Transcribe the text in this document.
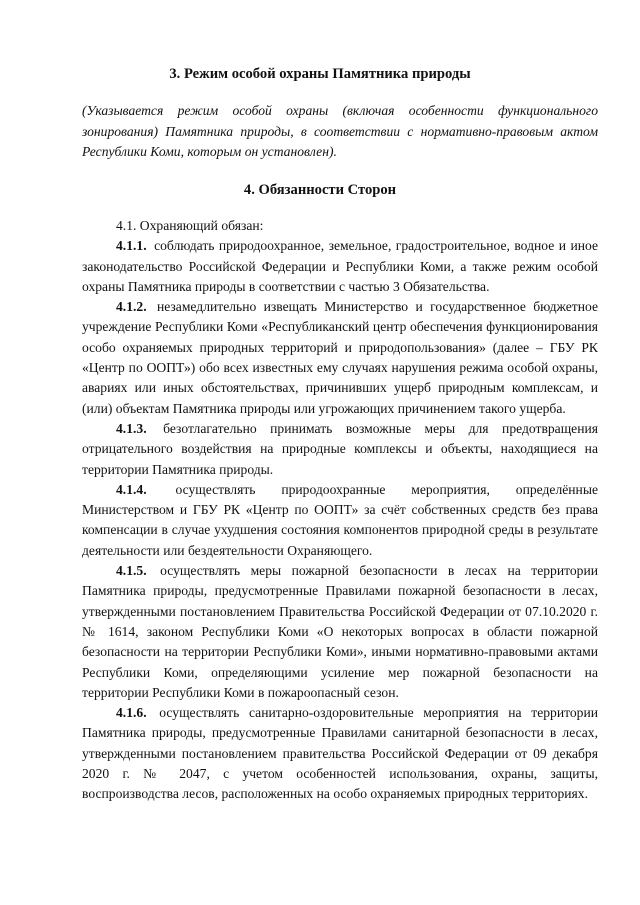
3. Режим особой охраны Памятника природы

(Указывается режим особой охраны (включая особенности функционального зонирования) Памятника природы, в соответствии с нормативно-правовым актом Республики Коми, которым он установлен).

4. Обязанности Сторон

4.1. Охраняющий обязан:

4.1.1. соблюдать природоохранное, земельное, градостроительное, водное и иное законодательство Российской Федерации и Республики Коми, а также режим особой охраны Памятника природы в соответствии с частью 3 Обязательства.

4.1.2. незамедлительно извещать Министерство и государственное бюджетное учреждение Республики Коми «Республиканский центр обеспечения функционирования особо охраняемых природных территорий и природопользования» (далее – ГБУ РК «Центр по ООПТ») обо всех известных ему случаях нарушения режима особой охраны, авариях или иных обстоятельствах, причинивших ущерб природным комплексам, и (или) объектам Памятника природы или угрожающих причинением такого ущерба.

4.1.3. безотлагательно принимать возможные меры для предотвращения отрицательного воздействия на природные комплексы и объекты, находящиеся на территории Памятника природы.

4.1.4. осуществлять природоохранные мероприятия, определённые Министерством и ГБУ РК «Центр по ООПТ» за счёт собственных средств без права компенсации в случае ухудшения состояния компонентов природной среды в результате деятельности или бездеятельности Охраняющего.

4.1.5. осуществлять меры пожарной безопасности в лесах на территории Памятника природы, предусмотренные Правилами пожарной безопасности в лесах, утвержденными постановлением Правительства Российской Федерации от 07.10.2020 г. № 1614, законом Республики Коми «О некоторых вопросах в области пожарной безопасности на территории Республики Коми», иными нормативно-правовыми актами Республики Коми, определяющими усиление мер пожарной безопасности на территории Республики Коми в пожароопасный сезон.

4.1.6. осуществлять санитарно-оздоровительные мероприятия на территории Памятника природы, предусмотренные Правилами санитарной безопасности в лесах, утвержденными постановлением правительства Российской Федерации от 09 декабря 2020 г. № 2047, с учетом особенностей использования, охраны, защиты, воспроизводства лесов, расположенных на особо охраняемых природных территориях.
